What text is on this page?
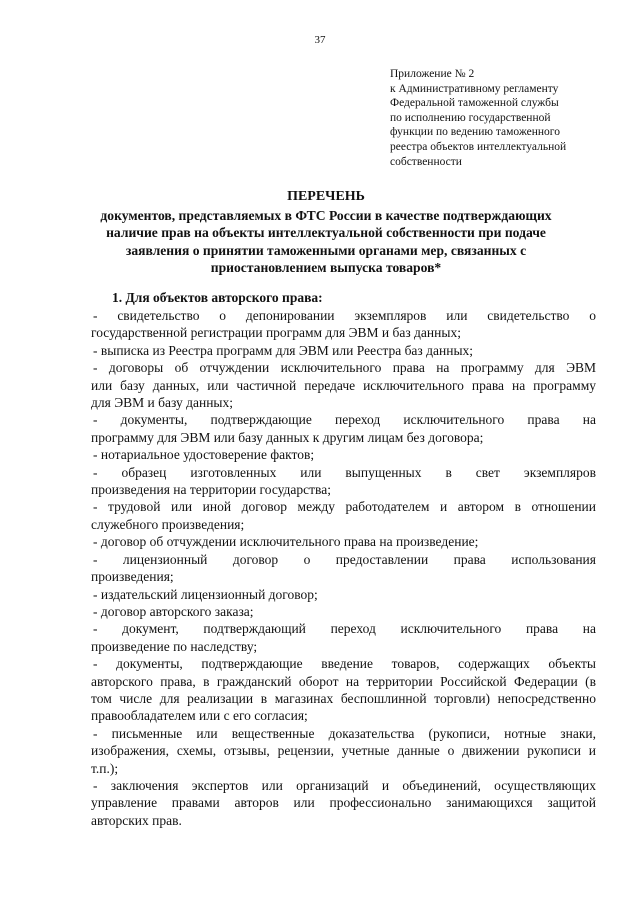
37
Приложение № 2
к Административному регламенту
Федеральной таможенной службы
по исполнению государственной
функции по ведению таможенного
реестра объектов интеллектуальной
собственности
ПЕРЕЧЕНЬ
документов, представляемых в ФТС России в качестве подтверждающих
наличие прав на объекты интеллектуальной собственности при подаче
заявления о принятии таможенными органами мер, связанных с
приостановлением выпуска товаров*
1. Для объектов авторского права:
- свидетельство о депонировании экземпляров или свидетельство о
государственной регистрации программ для ЭВМ и баз данных;
- выписка из Реестра программ для ЭВМ или Реестра баз данных;
- договоры об отчуждении исключительного права на программу для ЭВМ
или базу данных, или частичной передаче исключительного права на программу
для ЭВМ и базу данных;
- документы, подтверждающие переход исключительного права на
программу для ЭВМ или базу данных к другим лицам без договора;
- нотариальное удостоверение фактов;
- образец изготовленных или выпущенных в свет экземпляров
произведения на территории государства;
- трудовой или иной договор между работодателем и автором в отношении
служебного произведения;
- договор об отчуждении исключительного права на произведение;
- лицензионный договор о предоставлении права использования
произведения;
- издательский лицензионный договор;
- договор авторского заказа;
- документ, подтверждающий переход исключительного права на
произведение по наследству;
- документы, подтверждающие введение товаров, содержащих объекты
авторского права, в гражданский оборот на территории Российской Федерации (в
том числе для реализации в магазинах беспошлинной торговли) непосредственно
правообладателем или с его согласия;
- письменные или вещественные доказательства (рукописи, нотные знаки,
изображения, схемы, отзывы, рецензии, учетные данные о движении рукописи и
т.п.);
- заключения экспертов или организаций и объединений, осуществляющих
управление правами авторов или профессионально занимающихся защитой
авторских прав.
